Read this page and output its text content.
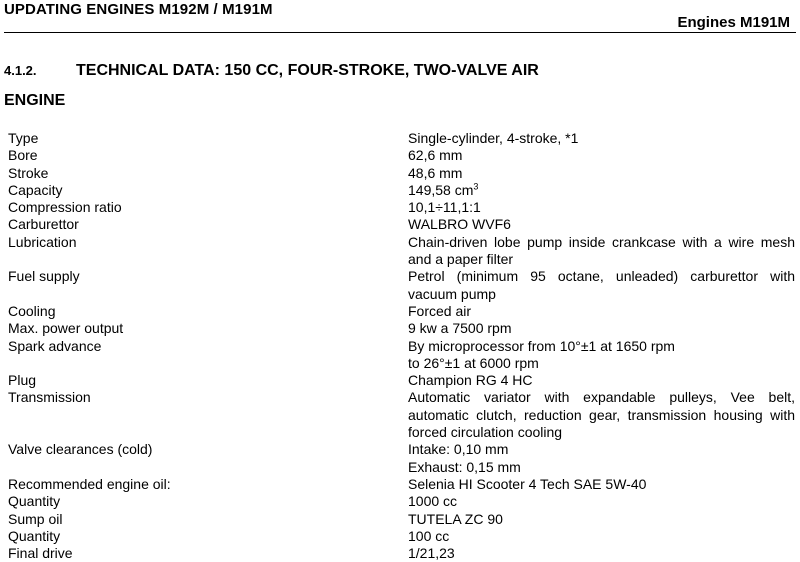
UPDATING ENGINES M192M / M191M
Engines M191M
4.1.2. TECHNICAL DATA: 150 CC, FOUR-STROKE, TWO-VALVE AIR
ENGINE
Type	Single-cylinder, 4-stroke, *1
Bore	62,6 mm
Stroke	48,6 mm
Capacity	149,58 $cm^3$
Compression ratio	10,1÷11,1:1
Carburettor	WALBRO WVF6
Lubrication	Chain-driven lobe pump inside crankcase with a wire mesh and a paper filter
Fuel supply	Petrol (minimum 95 octane, unleaded) carburettor with vacuum pump
Cooling	Forced air
Max. power output	9 kw a 7500 rpm
Spark advance	By microprocessor from 10°±1 at 1650 rpm
to 26°±1 at 6000 rpm
Plug	Champion RG 4 HC
Transmission	Automatic variator with expandable pulleys, Vee belt, automatic clutch, reduction gear, transmission housing with forced circulation cooling
Valve clearances (cold)	Intake: 0,10 mm
Exhaust: 0,15 mm
Recommended engine oil:	Selenia HI Scooter 4 Tech SAE 5W-40
Quantity	1000 cc
Sump oil	TUTELA ZC 90
Quantity	100 cc
Final drive	1/21,23
